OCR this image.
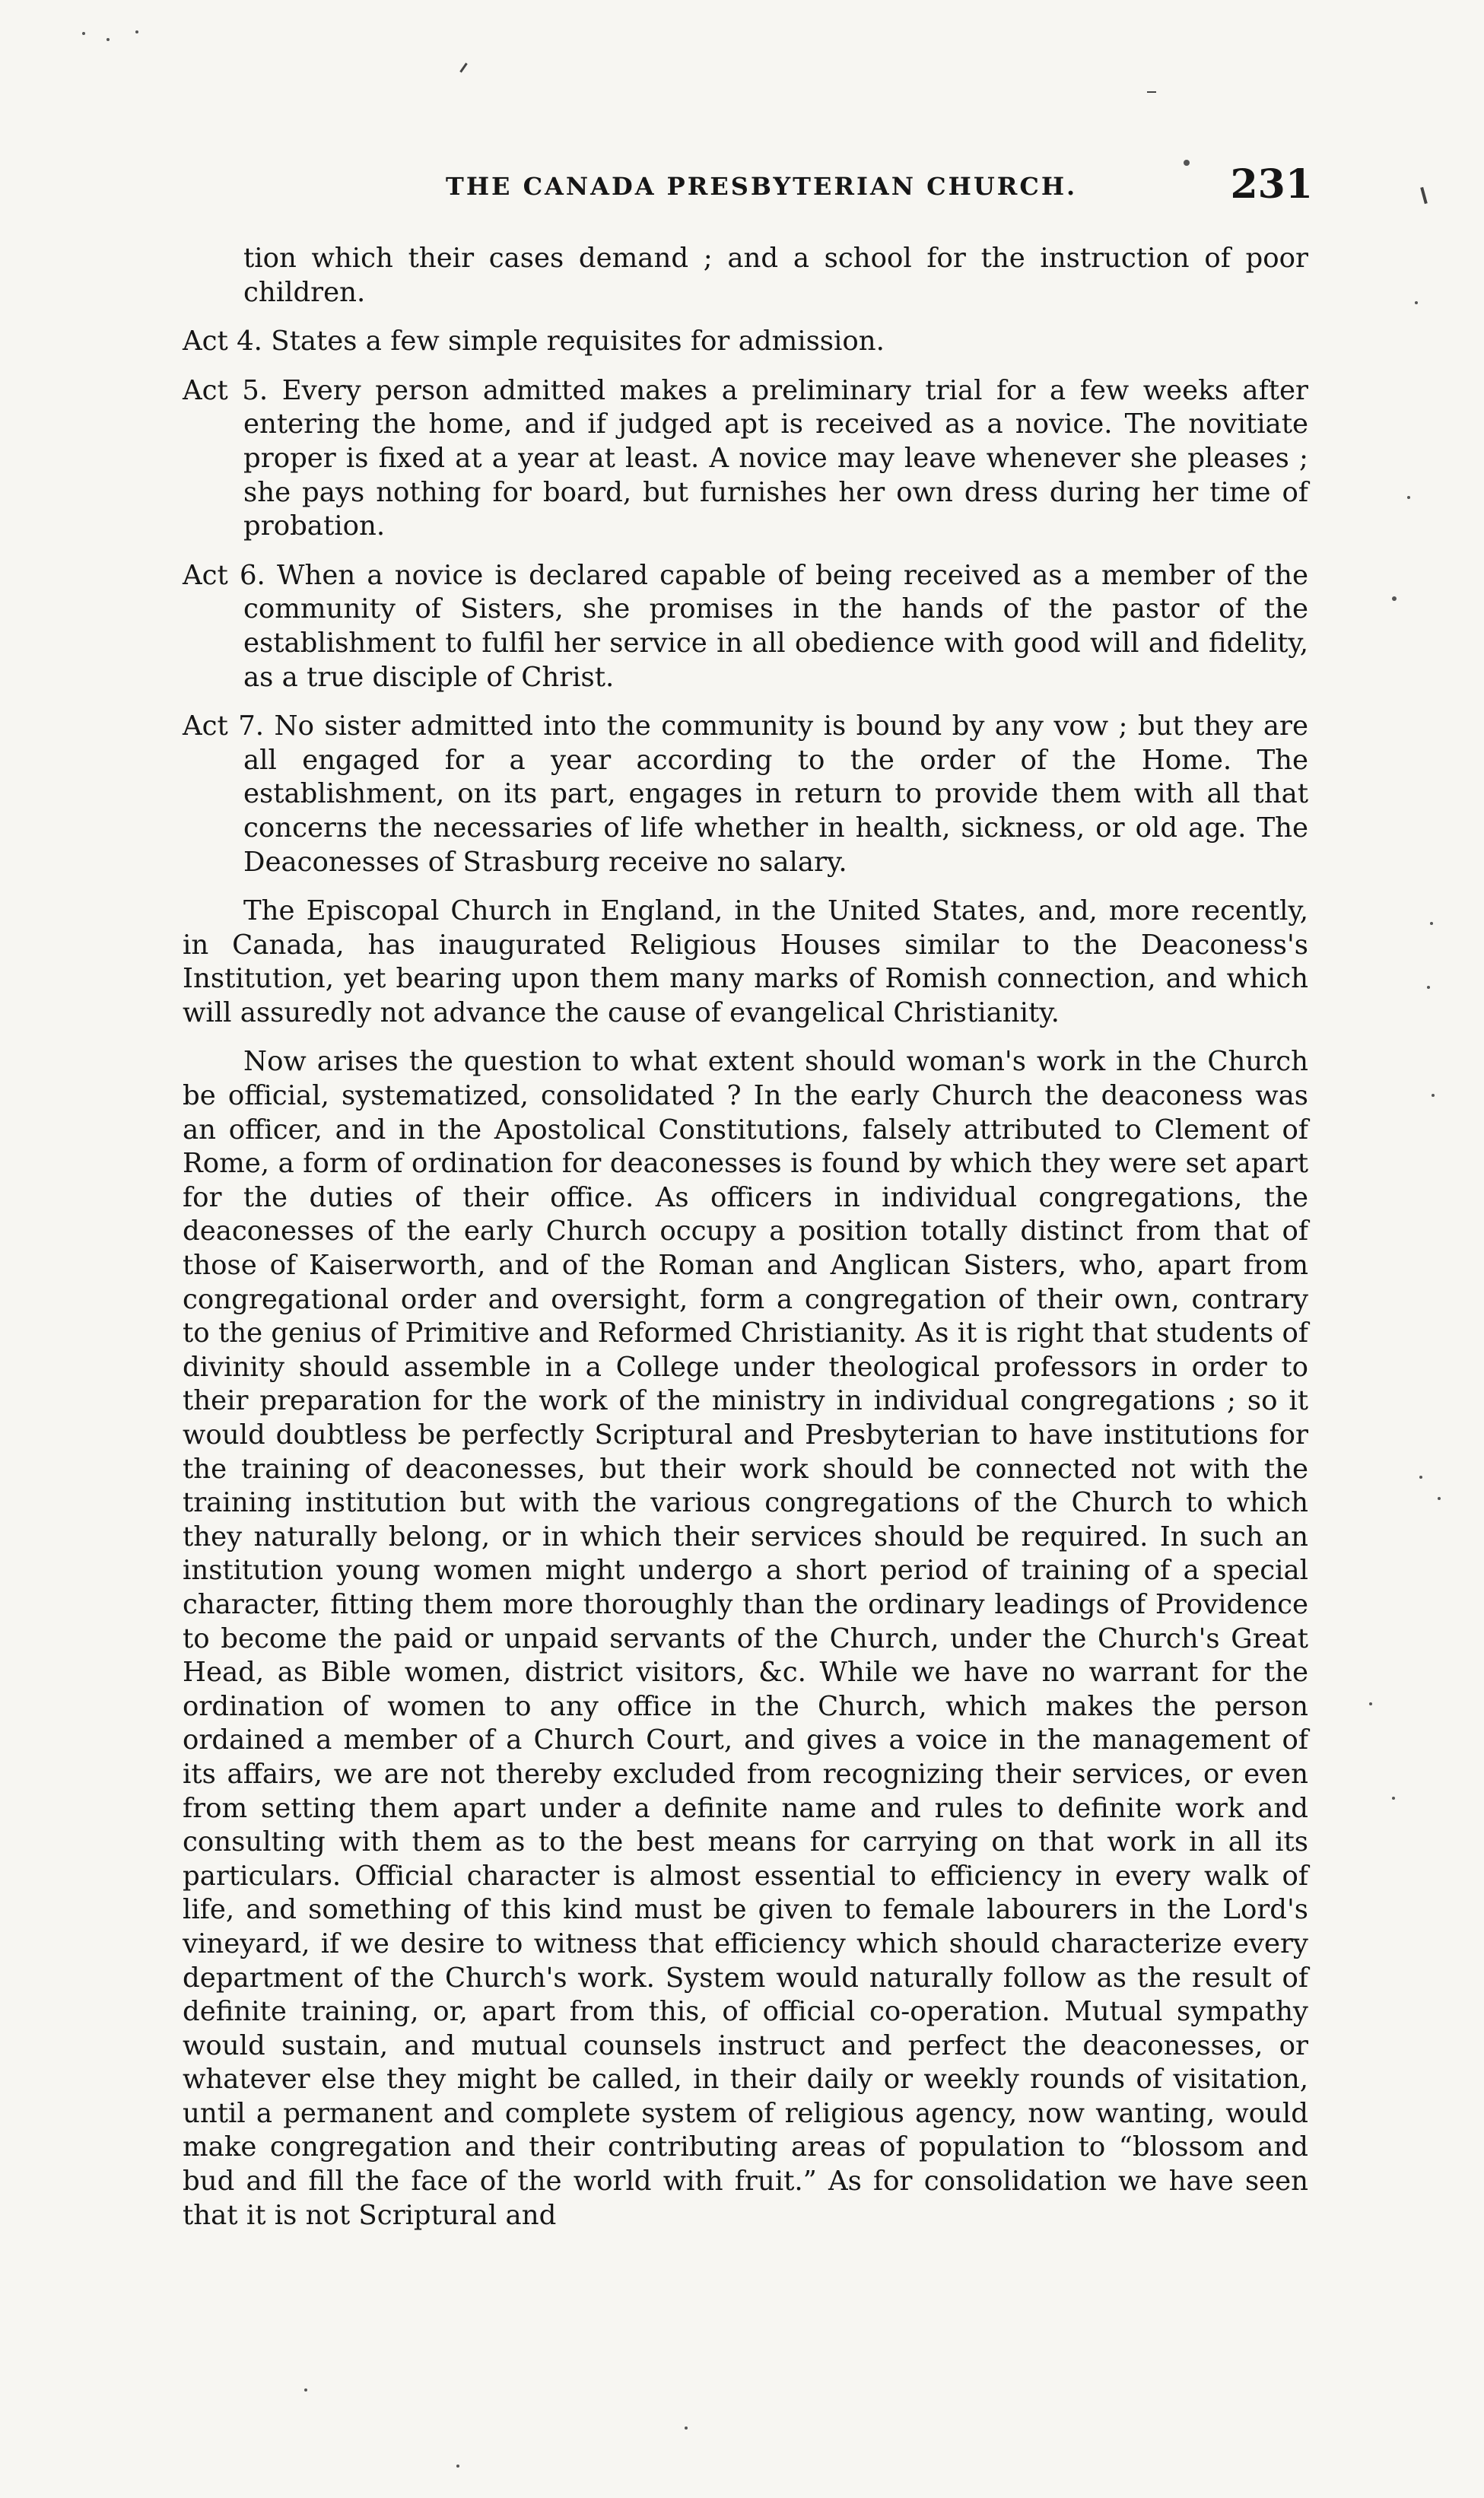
THE CANADA PRESBYTERIAN CHURCH.	231

tion which their cases demand ; and a school for the instruction of poor children.

Act 4. States a few simple requisites for admission.

Act 5. Every person admitted makes a preliminary trial for a few weeks after entering the home, and if judged apt is received as a novice. The novitiate proper is fixed at a year at least. A novice may leave whenever she pleases ; she pays nothing for board, but furnishes her own dress during her time of probation.

Act 6. When a novice is declared capable of being received as a member of the community of Sisters, she promises in the hands of the pastor of the establishment to fulfil her service in all obedience with good will and fidelity, as a true disciple of Christ.

Act 7. No sister admitted into the community is bound by any vow ; but they are all engaged for a year according to the order of the Home. The establishment, on its part, engages in return to provide them with all that concerns the necessaries of life whether in health, sickness, or old age. The Deaconesses of Strasburg receive no salary.

The Episcopal Church in England, in the United States, and, more recently, in Canada, has inaugurated Religious Houses similar to the Deaconess's Institution, yet bearing upon them many marks of Romish connection, and which will assuredly not advance the cause of evangelical Christianity.

Now arises the question to what extent should woman's work in the Church be official, systematized, consolidated ? In the early Church the deaconess was an officer, and in the Apostolical Constitutions, falsely attributed to Clement of Rome, a form of ordination for deaconesses is found by which they were set apart for the duties of their office. As officers in individual congregations, the deaconesses of the early Church occupy a position totally distinct from that of those of Kaiserworth, and of the Roman and Anglican Sisters, who, apart from congregational order and oversight, form a congregation of their own, contrary to the genius of Primitive and Reformed Christianity. As it is right that students of divinity should assemble in a College under theological professors in order to their preparation for the work of the ministry in individual congregations ; so it would doubtless be perfectly Scriptural and Presbyterian to have institutions for the training of deaconesses, but their work should be connected not with the training institution but with the various congregations of the Church to which they naturally belong, or in which their services should be required. In such an institution young women might undergo a short period of training of a special character, fitting them more thoroughly than the ordinary leadings of Providence to become the paid or unpaid servants of the Church, under the Church's Great Head, as Bible women, district visitors, &c. While we have no warrant for the ordination of women to any office in the Church, which makes the person ordained a member of a Church Court, and gives a voice in the management of its affairs, we are not thereby excluded from recognizing their services, or even from setting them apart under a definite name and rules to definite work and consulting with them as to the best means for carrying on that work in all its particulars. Official character is almost essential to efficiency in every walk of life, and something of this kind must be given to female labourers in the Lord's vineyard, if we desire to witness that efficiency which should characterize every department of the Church's work. System would naturally follow as the result of definite training, or, apart from this, of official co-operation. Mutual sympathy would sustain, and mutual counsels instruct and perfect the deaconesses, or whatever else they might be called, in their daily or weekly rounds of visitation, until a permanent and complete system of religious agency, now wanting, would make congregation and their contributing areas of population to “blossom and bud and fill the face of the world with fruit.” As for consolidation we have seen that it is not Scriptural and
